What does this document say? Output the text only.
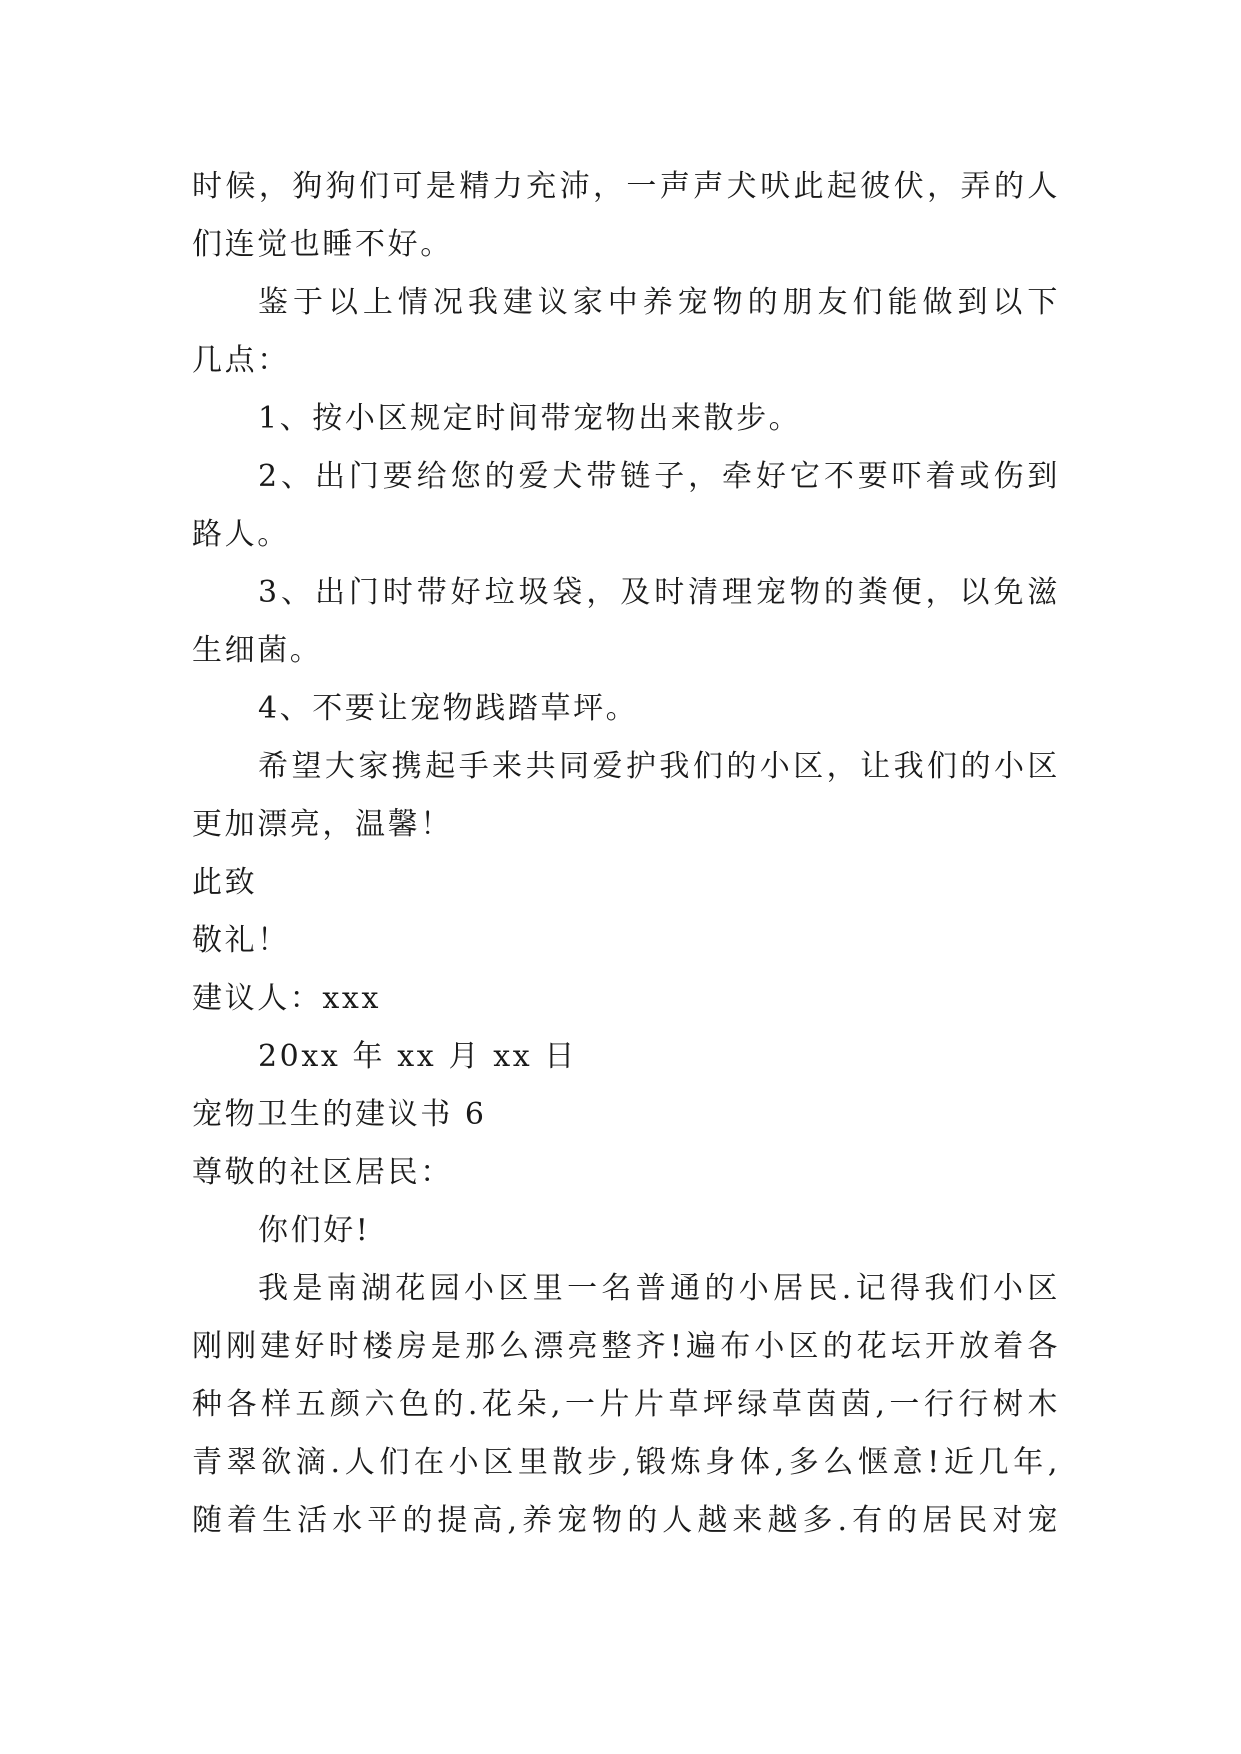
时候，狗狗们可是精力充沛，一声声犬吠此起彼伏，弄的人
们连觉也睡不好。
鉴于以上情况我建议家中养宠物的朋友们能做到以下
几点：
1、按小区规定时间带宠物出来散步。
2、出门要给您的爱犬带链子，牵好它不要吓着或伤到
路人。
3、出门时带好垃圾袋，及时清理宠物的粪便，以免滋
生细菌。
4、不要让宠物践踏草坪。
希望大家携起手来共同爱护我们的小区，让我们的小区
更加漂亮，温馨！
此致
敬礼！
建议人：xxx
20xx 年 xx 月 xx 日
宠物卫生的建议书 6
尊敬的社区居民：
你们好!
我是南湖花园小区里一名普通的小居民.记得我们小区
刚刚建好时楼房是那么漂亮整齐!遍布小区的花坛开放着各
种各样五颜六色的.花朵,一片片草坪绿草茵茵,一行行树木
青翠欲滴.人们在小区里散步,锻炼身体,多么惬意!近几年,
随着生活水平的提高,养宠物的人越来越多.有的居民对宠
